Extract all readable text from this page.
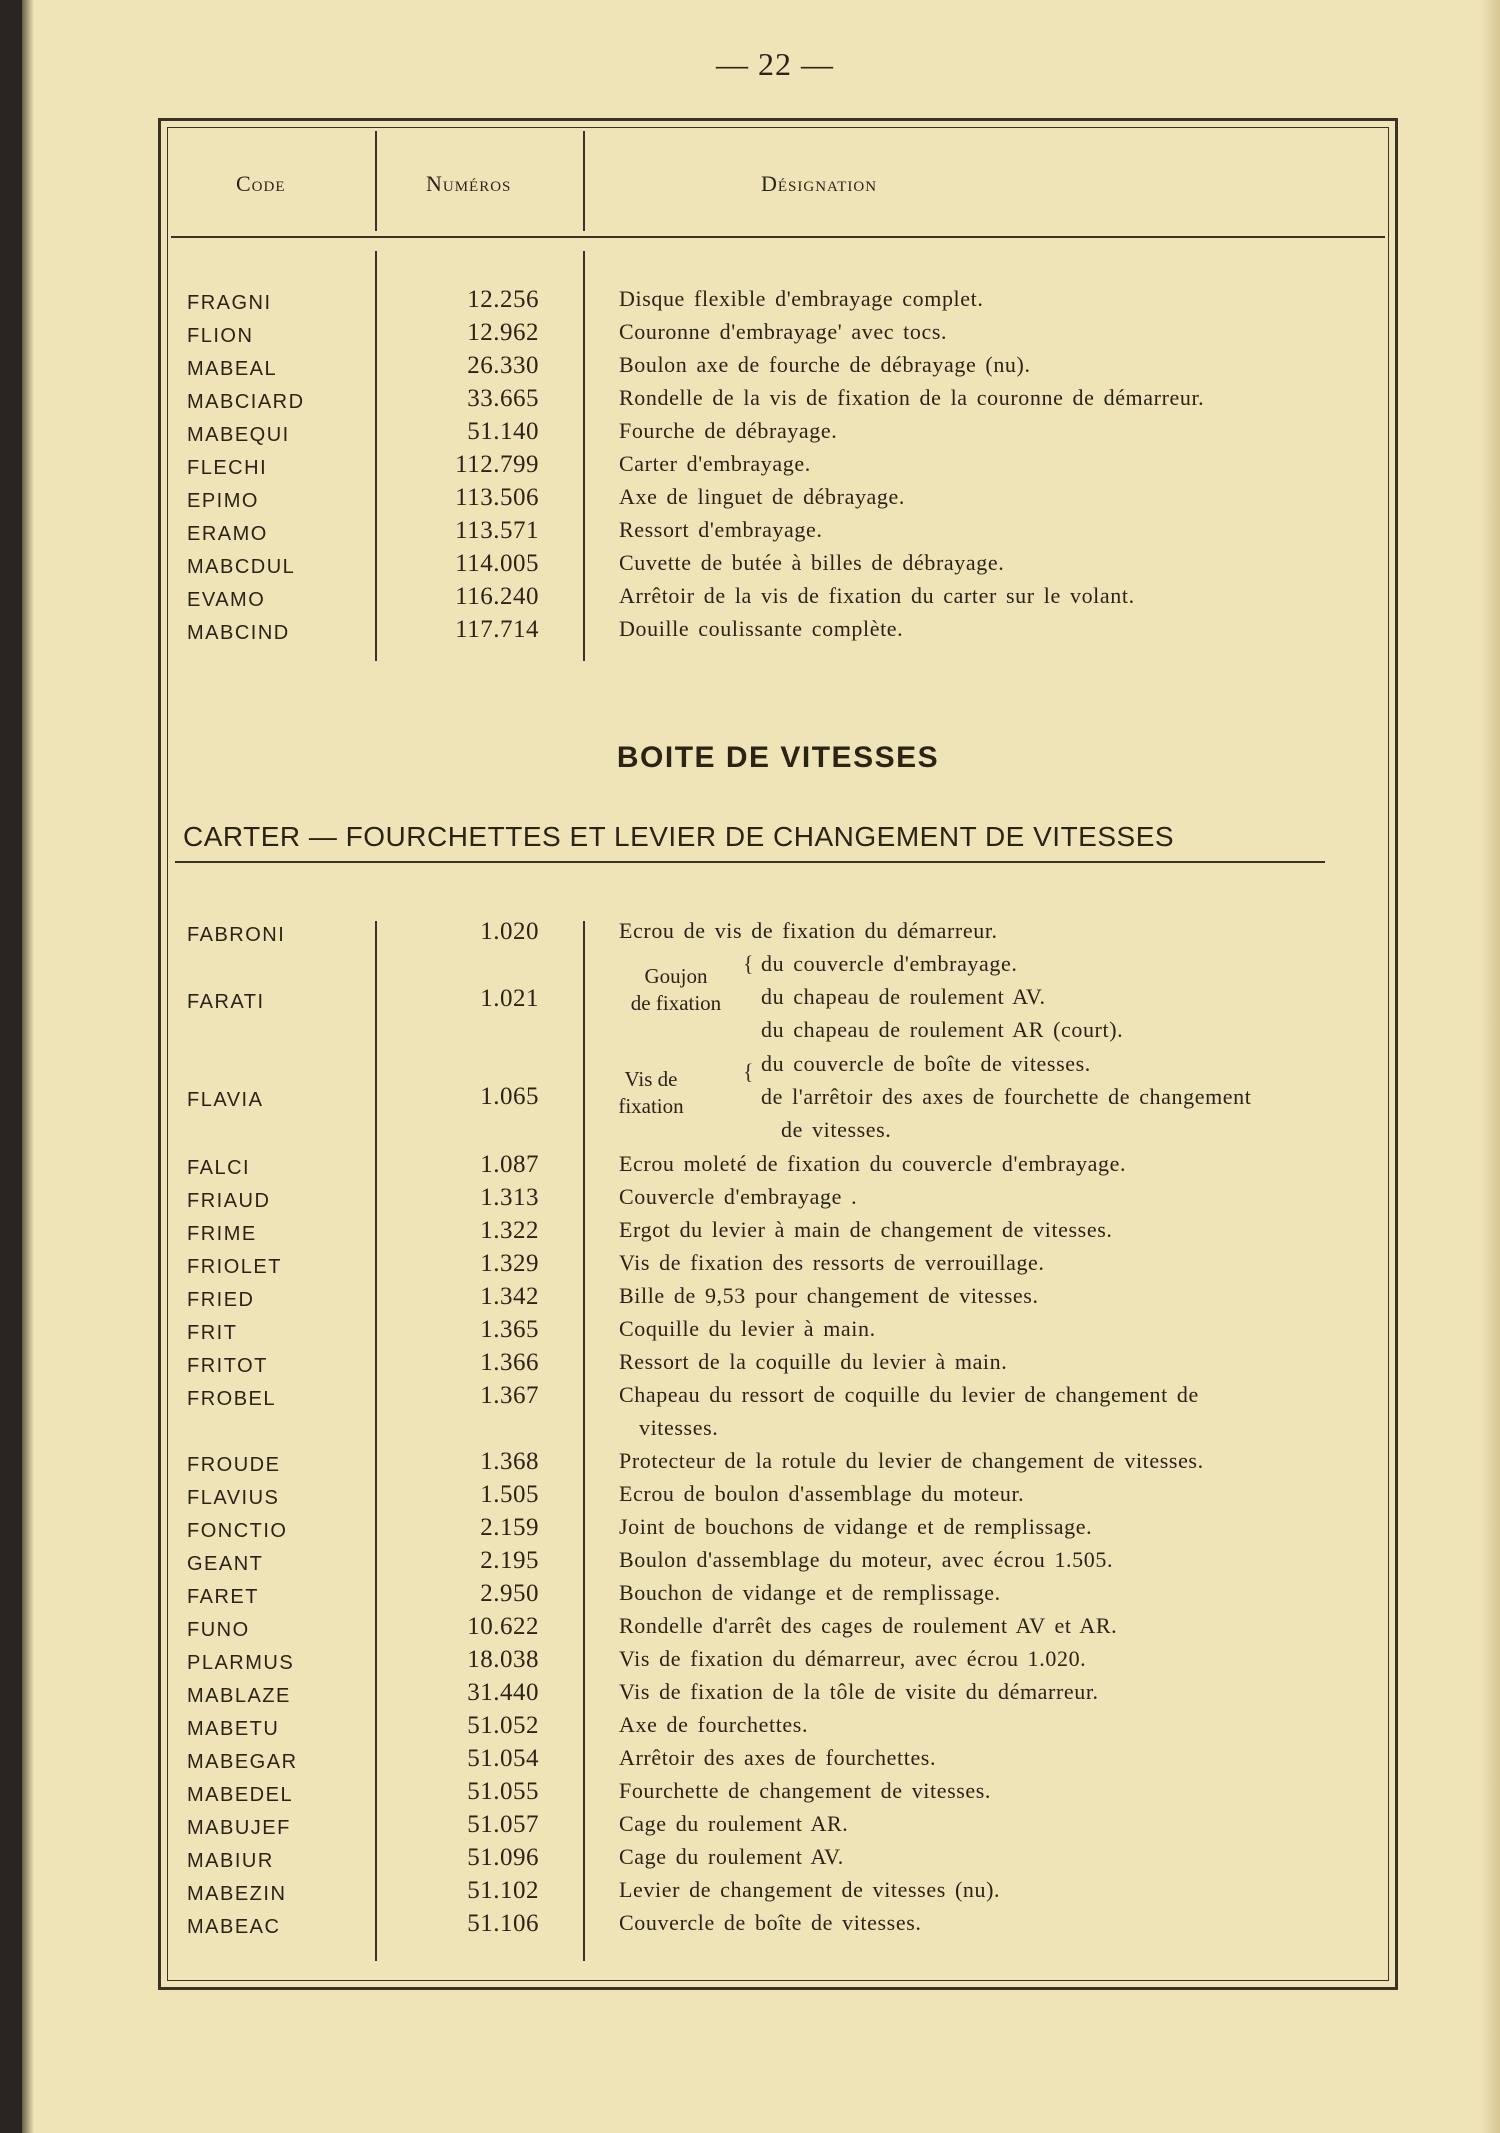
— 22 —
Code	Numéros	Désignation
FRAGNI	12.256	Disque flexible d'embrayage complet.
FLION	12.962	Couronne d'embrayage' avec tocs.
MABEAL	26.330	Boulon axe de fourche de débrayage (nu).
MABCIARD	33.665	Rondelle de la vis de fixation de la couronne de démarreur.
MABEQUI	51.140	Fourche de débrayage.
FLECHI	112.799	Carter d'embrayage.
EPIMO	113.506	Axe de linguet de débrayage.
ERAMO	113.571	Ressort d'embrayage.
MABCDUL	114.005	Cuvette de butée à billes de débrayage.
EVAMO	116.240	Arrêtoir de la vis de fixation du carter sur le volant.
MABCIND	117.714	Douille coulissante complète.
BOITE DE VITESSES
CARTER — FOURCHETTES ET LEVIER DE CHANGEMENT DE VITESSES
FABRONI	1.020	Ecrou de vis de fixation du démarreur.
FARATI	1.021
Goujon
de fixation
{ du couvercle d'embrayage.
du chapeau de roulement AV.
du chapeau de roulement AR (court).
FLAVIA	1.065
Vis de
fixation
{ du couvercle de boîte de vitesses.
de l'arrêtoir des axes de fourchette de changement
de vitesses.
FALCI	1.087	Ecrou moleté de fixation du couvercle d'embrayage.
FRIAUD	1.313	Couvercle d'embrayage .
FRIME	1.322	Ergot du levier à main de changement de vitesses.
FRIOLET	1.329	Vis de fixation des ressorts de verrouillage.
FRIED	1.342	Bille de 9,53 pour changement de vitesses.
FRIT	1.365	Coquille du levier à main.
FRITOT	1.366	Ressort de la coquille du levier à main.
FROBEL	1.367	Chapeau du ressort de coquille du levier de changement de
vitesses.
FROUDE	1.368	Protecteur de la rotule du levier de changement de vitesses.
FLAVIUS	1.505	Ecrou de boulon d'assemblage du moteur.
FONCTIO	2.159	Joint de bouchons de vidange et de remplissage.
GEANT	2.195	Boulon d'assemblage du moteur, avec écrou 1.505.
FARET	2.950	Bouchon de vidange et de remplissage.
FUNO	10.622	Rondelle d'arrêt des cages de roulement AV et AR.
PLARMUS	18.038	Vis de fixation du démarreur, avec écrou 1.020.
MABLAZE	31.440	Vis de fixation de la tôle de visite du démarreur.
MABETU	51.052	Axe de fourchettes.
MABEGAR	51.054	Arrêtoir des axes de fourchettes.
MABEDEL	51.055	Fourchette de changement de vitesses.
MABUJEF	51.057	Cage du roulement AR.
MABIUR	51.096	Cage du roulement AV.
MABEZIN	51.102	Levier de changement de vitesses (nu).
MABEAC	51.106	Couvercle de boîte de vitesses.
